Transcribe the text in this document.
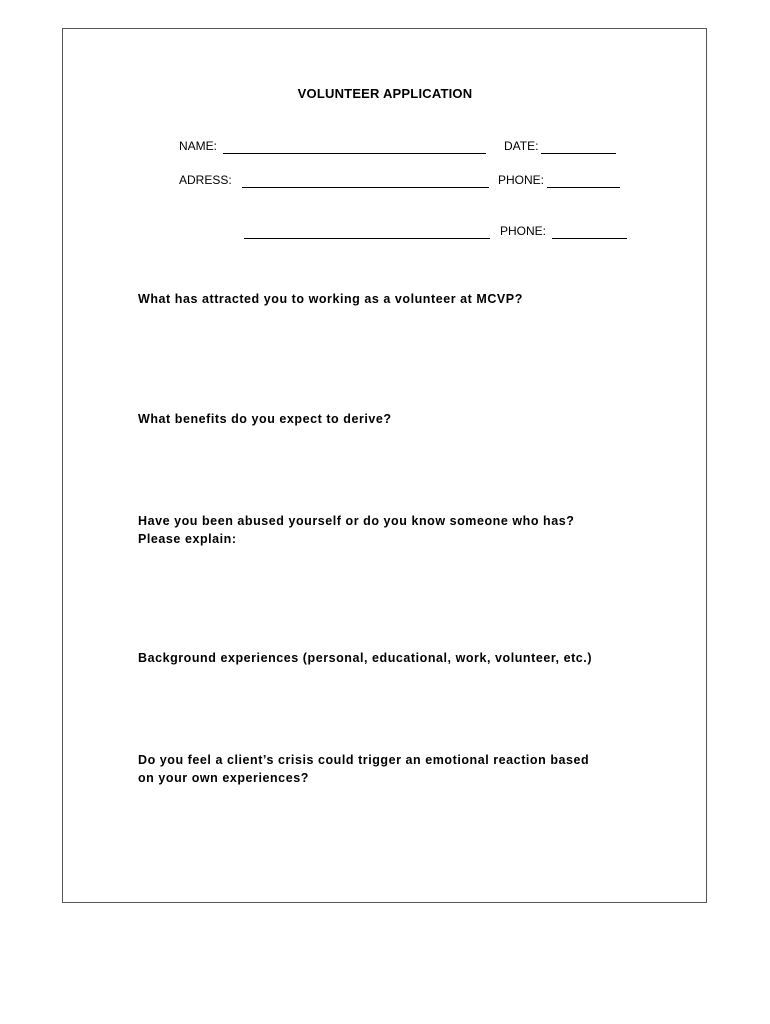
VOLUNTEER APPLICATION
NAME:	DATE:
ADRESS:	PHONE:
PHONE:
What has attracted you to working as a volunteer at MCVP?
What benefits do you expect to derive?
Have you been abused yourself or do you know someone who has?
Please explain:
Background experiences (personal, educational, work, volunteer, etc.)
Do you feel a client’s crisis could trigger an emotional reaction based
on your own experiences?
